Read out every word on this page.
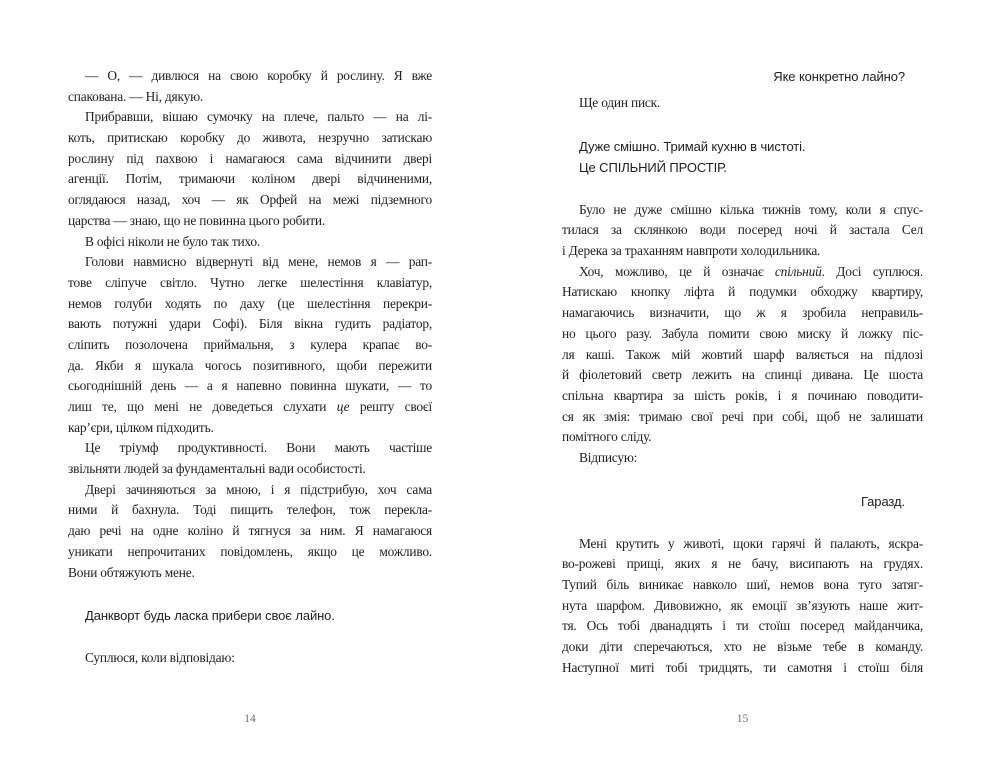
— О, — дивлюся на свою коробку й рослину. Я вже
спакована. — Ні, дякую.
Прибравши, вішаю сумочку на плече, пальто — на лі-
коть, притискаю коробку до живота, незручно затискаю
рослину під пахвою і намагаюся сама відчинити двері
агенції. Потім, тримаючи коліном двері відчиненими,
оглядаюся назад, хоч — як Орфей на межі підземного
царства — знаю, що не повинна цього робити.
В офісі ніколи не було так тихо.
Голови навмисно відвернуті від мене, немов я — рап-
тове сліпуче світло. Чутно легке шелестіння клавіатур,
немов голуби ходять по даху (це шелестіння перекри-
вають потужні удари Софі). Біля вікна гудить радіатор,
сліпить позолочена приймальня, з кулера крапає во-
да. Якби я шукала чогось позитивного, щоби пережити
сьогоднішній день — а я напевно повинна шукати, — то
лиш те, що мені не доведеться слухати це решту своєї
кар’єри, цілком підходить.
Це тріумф продуктивності. Вони мають частіше
звільняти людей за фундаментальні вади особистості.
Двері зачиняються за мною, і я підстрибую, хоч сама
ними й бахнула. Тоді пищить телефон, тож перекла-
даю речі на одне коліно й тягнуся за ним. Я намагаюся
уникати непрочитаних повідомлень, якщо це можливо.
Вони обтяжують мене.
Данкворт будь ласка прибери своє лайно.
Суплюся, коли відповідаю:
14
Яке конкретно лайно?
Ще один писк.
Дуже смішно. Тримай кухню в чистоті.
Це СПІЛЬНИЙ ПРОСТІР.
Було не дуже смішно кілька тижнів тому, коли я спус-
тилася за склянкою води посеред ночі й застала Сел
і Дерека за траханням навпроти холодильника.
Хоч, можливо, це й означає спільний. Досі суплюся.
Натискаю кнопку ліфта й подумки обходжу квартиру,
намагаючись визначити, що ж я зробила неправиль-
но цього разу. Забула помити свою миску й ложку піс-
ля каші. Також мій жовтий шарф валяється на підлозі
й фіолетовий светр лежить на спинці дивана. Це шоста
спільна квартира за шість років, і я починаю поводити-
ся як змія: тримаю свої речі при собі, щоб не залишати
помітного сліду.
Відписую:
Гаразд.
Мені крутить у животі, щоки гарячі й палають, яскра-
во-рожеві прищі, яких я не бачу, висипають на грудях.
Тупий біль виникає навколо шиї, немов вона туго затяг-
нута шарфом. Дивовижно, як емоції зв’язують наше жит-
тя. Ось тобі дванадцять і ти стоїш посеред майданчика,
доки діти сперечаються, хто не візьме тебе в команду.
Наступної миті тобі тридцять, ти самотня і стоїш біля
15
